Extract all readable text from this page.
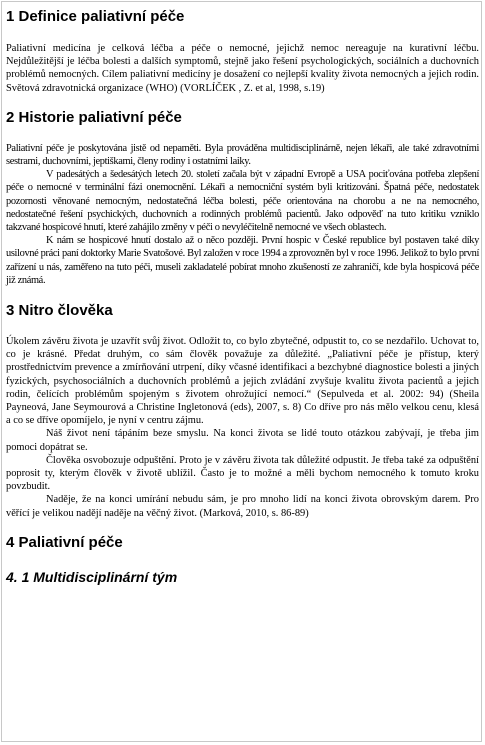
1 Definice paliativní péče

Paliativní medicína je celková léčba a péče o nemocné, jejichž nemoc nereaguje na kurativní léčbu. Nejdůležitější je léčba bolesti a dalších symptomů, stejně jako řešení psychologických, sociálních a duchovních problémů nemocných. Cílem paliativní medicíny je dosažení co nejlepší kvality života nemocných a jejich rodin. Světová zdravotnická organizace (WHO) (VORLÍČEK , Z. et al, 1998, s.19)

2 Historie paliativní péče

Paliativní péče je poskytována jistě od nepaměti. Byla prováděna multidisciplinárně, nejen lékaři, ale také zdravotními sestrami, duchovními, jeptiškami, členy rodiny i ostatními laiky.

V padesátých a šedesátých letech 20. století začala být v západní Evropě a USA pociťována potřeba zlepšení péče o nemocné v terminální fázi onemocnění. Lékaři a nemocniční systém byli kritizováni. Špatná péče, nedostatek pozornosti věnované nemocným, nedostatečná léčba bolesti, péče orientována na chorobu a ne na nemocného, nedostatečné řešení psychických, duchovních a rodinných problémů pacientů. Jako odpověď na tuto kritiku vzniklo takzvané hospicové hnutí, které zahájilo změny v péči o nevyléčitelně nemocné ve všech oblastech.

K nám se hospicové hnutí dostalo až o něco později. První hospic v České republice byl postaven také díky usilovné práci paní doktorky Marie Svatošové. Byl založen v roce 1994 a zprovozněn byl v roce 1996. Jelikož to bylo první zařízení u nás, zaměřeno na tuto péči, museli zakladatelé pobírat mnoho zkušeností ze zahraničí, kde byla hospicová péče již známá.

3 Nitro člověka

Úkolem závěru života je uzavřít svůj život. Odložit to, co bylo zbytečné, odpustit to, co se nezdařilo. Uchovat to, co je krásné. Předat druhým, co sám člověk považuje za důležité. „Paliativní péče je přístup, který prostřednictvím prevence a zmírňování utrpení, díky včasné identifikaci a bezchybné diagnostice bolesti a jiných fyzických, psychosociálních a duchovních problémů a jejich zvládání zvyšuje kvalitu života pacientů a jejich rodin, čelících problémům spojeným s životem ohrožující nemocí.“ (Sepulveda et al. 2002: 94) (Sheila Payneová, Jane Seymourová a Christine Ingletonová (eds), 2007, s. 8) Co dříve pro nás mělo velkou cenu, klesá a co se dříve opomíjelo, je nyní v centru zájmu.

Náš život není tápáním beze smyslu. Na konci života se lidé touto otázkou zabývají, je třeba jim pomoci dopátrat se.

Člověka osvobozuje odpuštění. Proto je v závěru života tak důležité odpustit. Je třeba také za odpuštění poprosit ty, kterým člověk v životě ublížil. Často je to možné a měli bychom nemocného k tomuto kroku povzbudit.

Naděje, že na konci umírání nebudu sám, je pro mnoho lidí na konci života obrovským darem. Pro věřící je velikou nadějí naděje na věčný život. (Marková, 2010, s. 86-89)

4 Paliativní péče
4. 1 Multidisciplinární tým
